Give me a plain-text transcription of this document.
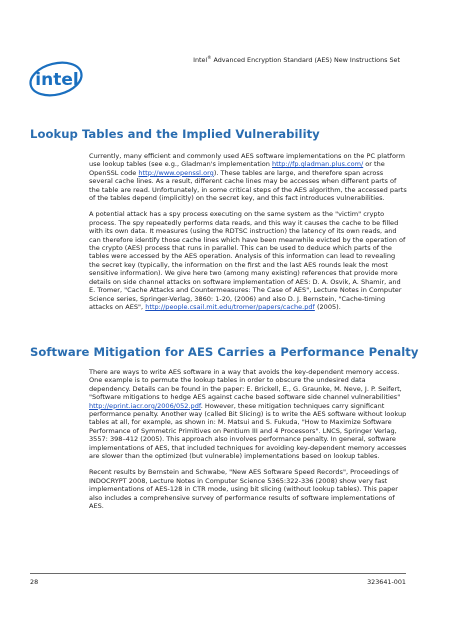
Intel® Advanced Encryption Standard (AES) New Instructions Set
intel
Lookup Tables and the Implied Vulnerability

Currently, many efficient and commonly used AES software implementations on the PC platform use lookup tables (see e.g., Gladman's implementation http://fp.gladman.plus.com/ or the OpenSSL code http://www.openssl.org). These tables are large, and therefore span across several cache lines. As a result, different cache lines may be accesses when different parts of the table are read. Unfortunately, in some critical steps of the AES algorithm, the accessed parts of the tables depend (implicitly) on the secret key, and this fact introduces vulnerabilities.

A potential attack has a spy process executing on the same system as the "victim" crypto process. The spy repeatedly performs data reads, and this way it causes the cache to be filled with its own data. It measures (using the RDTSC instruction) the latency of its own reads, and can therefore identify those cache lines which have been meanwhile evicted by the operation of the crypto (AES) process that runs in parallel. This can be used to deduce which parts of the tables were accessed by the AES operation. Analysis of this information can lead to revealing the secret key (typically, the information on the first and the last AES rounds leak the most sensitive information). We give here two (among many existing) references that provide more details on side channel attacks on software implementation of AES: D. A. Osvik, A. Shamir, and E. Tromer, "Cache Attacks and Countermeasures: The Case of AES", Lecture Notes in Computer Science series, Springer-Verlag, 3860: 1-20, (2006) and also D. J. Bernstein, "Cache-timing attacks on AES", http://people.csail.mit.edu/tromer/papers/cache.pdf (2005).

Software Mitigation for AES Carries a Performance Penalty

There are ways to write AES software in a way that avoids the key-dependent memory access. One example is to permute the lookup tables in order to obscure the undesired data dependency. Details can be found in the paper: E. Brickell, E., G. Graunke, M. Neve, J. P. Seifert, "Software mitigations to hedge AES against cache based software side channel vulnerabilities" http://eprint.iacr.org/2006/052.pdf. However, these mitigation techniques carry significant performance penalty. Another way (called Bit Slicing) is to write the AES software without lookup tables at all, for example, as shown in: M. Matsui and S. Fukuda, "How to Maximize Software Performance of Symmetric Primitives on Pentium III and 4 Processors". LNCS, Springer Verlag, 3557: 398–412 (2005). This approach also involves performance penalty. In general, software implementations of AES, that included techniques for avoiding key-dependent memory accesses are slower than the optimized (but vulnerable) implementations based on lookup tables.

Recent results by Bernstein and Schwabe, "New AES Software Speed Records", Proceedings of INDOCRYPT 2008, Lecture Notes in Computer Science 5365:322-336 (2008) show very fast implementations of AES-128 in CTR mode, using bit slicing (without lookup tables). This paper also includes a comprehensive survey of performance results of software implementations of AES.

28	323641-001
